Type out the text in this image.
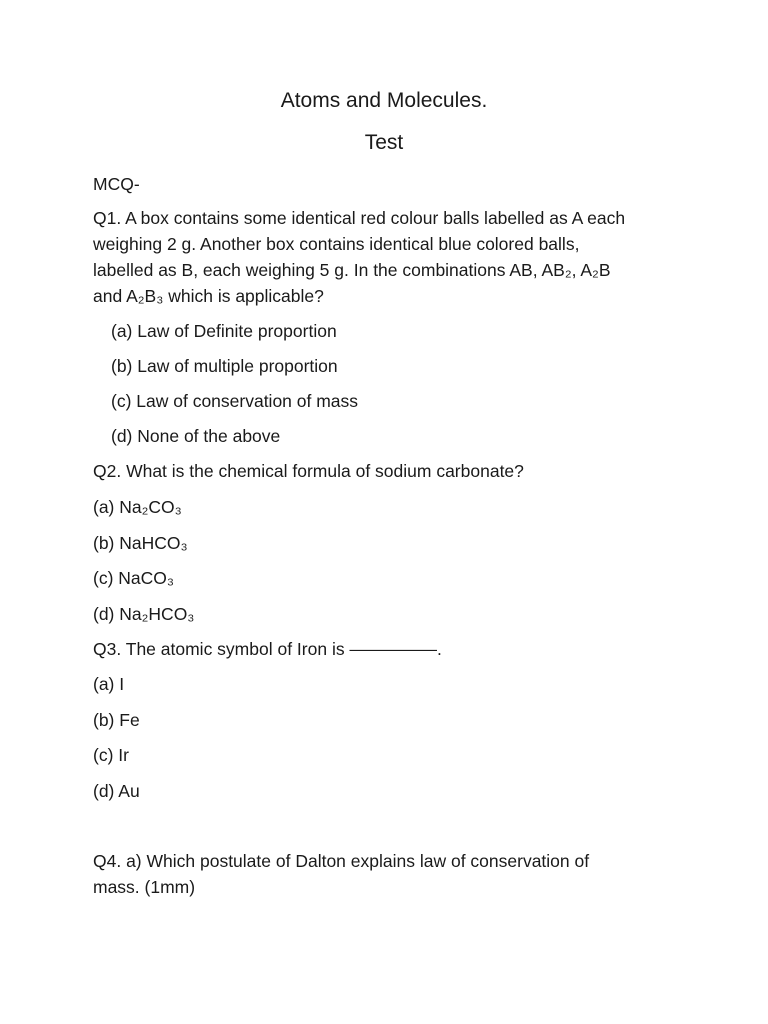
Atoms and Molecules.
Test
MCQ-
Q1. A box contains some identical red colour balls labelled as A each
weighing 2 g. Another box contains identical blue colored balls,
labelled as B, each weighing 5 g. In the combinations AB, AB₂, A₂B
and A₂B₃ which is applicable?
(a) Law of Definite proportion
(b) Law of multiple proportion
(c) Law of conservation of mass
(d) None of the above
Q2. What is the chemical formula of sodium carbonate?
(a) Na₂CO₃
(b) NaHCO₃
(c) NaCO₃
(d) Na₂HCO₃
Q3. The atomic symbol of Iron is —————.
(a) I
(b) Fe
(c) Ir
(d) Au
Q4. a) Which postulate of Dalton explains law of conservation of
mass. (1mm)
